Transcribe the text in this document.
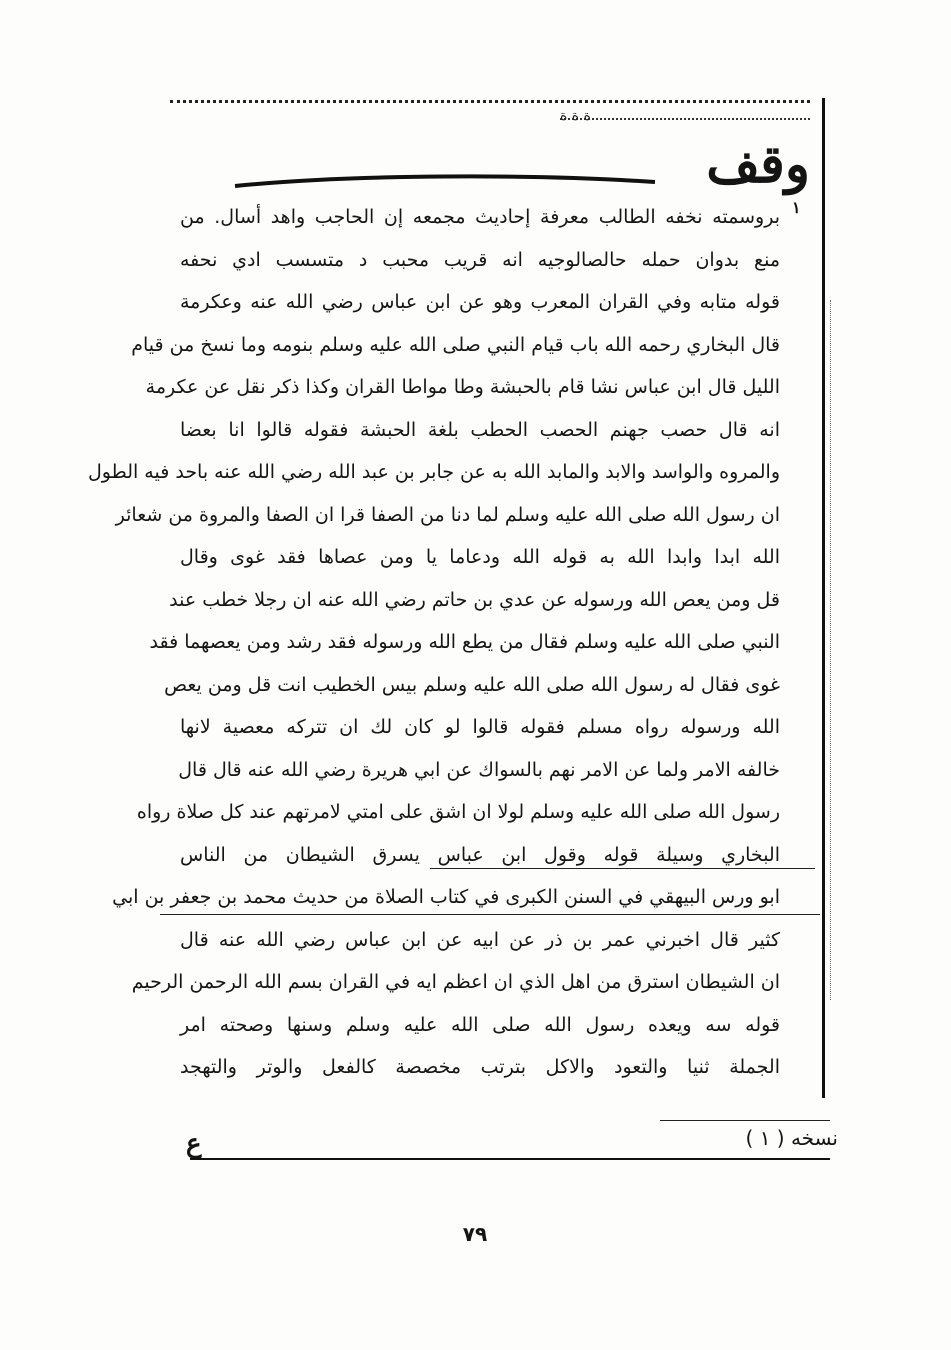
ﺓ ﺓ ﺓ
وقف
١
بروسمته نخفه الطالب معرفة إحاديث مجمعه إن الحاجب واهد أسال. من
منع بدوان حمله حالصالوجيه انه قريب محبب د متسسب ادي نحفه
قوله متابه وفي القران المعرب وهو عن ابن عباس رضي الله عنه وعكرمة
قال البخاري رحمه الله باب قيام النبي صلى الله عليه وسلم بنومه وما نسخ من قيام
الليل قال ابن عباس نشا قام بالحبشة وطا مواطا القران وكذا ذكر نقل عن عكرمة
انه قال حصب جهنم الحصب الحطب بلغة الحبشة فقوله قالوا انا بعضا
والمروه والواسد والابد والمابد الله به عن جابر بن عبد الله رضي الله عنه باحد فيه الطول
ان رسول الله صلى الله عليه وسلم لما دنا من الصفا قرا ان الصفا والمروة من شعائر
الله ابدا وابدا الله به قوله الله ودعاما يا ومن عصاها فقد غوى وقال
قل ومن يعص الله ورسوله عن عدي بن حاتم رضي الله عنه ان رجلا خطب عند
النبي صلى الله عليه وسلم فقال من يطع الله ورسوله فقد رشد ومن يعصهما فقد
غوى فقال له رسول الله صلى الله عليه وسلم بيس الخطيب انت قل ومن يعص
الله ورسوله رواه مسلم فقوله قالوا لو كان لك ان تتركه معصية لانها
خالفه الامر ولما عن الامر نهم بالسواك عن ابي هريرة رضي الله عنه قال قال
رسول الله صلى الله عليه وسلم لولا ان اشق على امتي لامرتهم عند كل صلاة رواه
البخاري وسيلة قوله وقول ابن عباس يسرق الشيطان من الناس
ابو ورس البيهقي في السنن الكبرى في كتاب الصلاة من حديث محمد بن جعفر بن ابي
كثير قال اخبرني عمر بن ذر عن ابيه عن ابن عباس رضي الله عنه قال
ان الشيطان استرق من اهل الذي ان اعظم ايه في القران بسم الله الرحمن الرحيم
قوله سه ويعده رسول الله صلى الله عليه وسلم وسنها وصحته امر
الجملة ثنيا والتعود والاكل بترتب مخصصة كالفعل والوتر والتهجد
نسخه ( ١ )
ﻉ
٧٩
